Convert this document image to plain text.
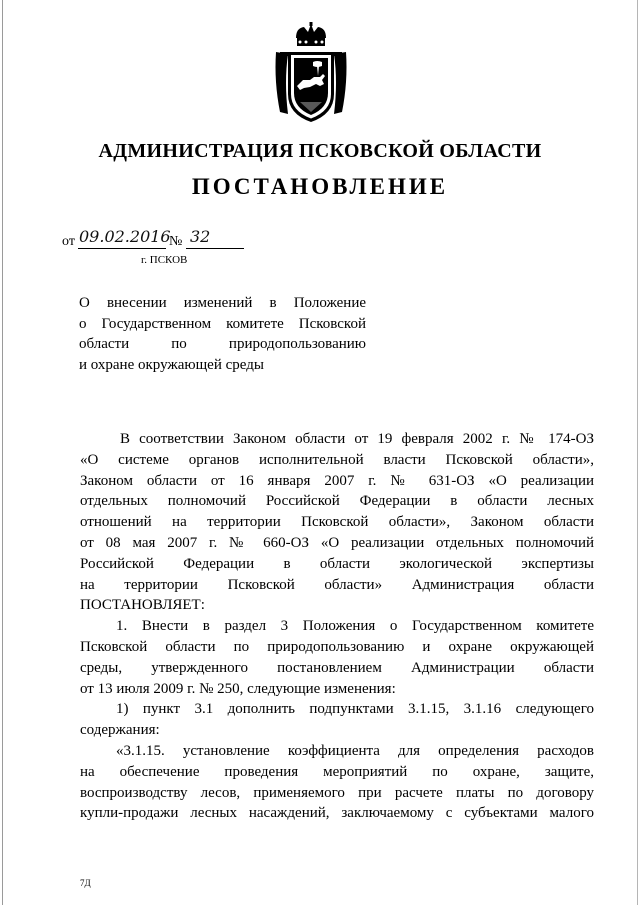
АДМИНИСТРАЦИЯ ПСКОВСКОЙ ОБЛАСТИ
ПОСТАНОВЛЕНИЕ
от 09.02.2016
№ 32
г. ПСКОВ
О внесении изменений в Положение
о Государственном комитете Псковской
области по природопользованию
и охране окружающей среды
В соответствии Законом области от 19 февраля 2002 г. № 174-ОЗ
«О системе органов исполнительной власти Псковской области»,
Законом области от 16 января 2007 г. № 631-ОЗ «О реализации
отдельных полномочий Российской Федерации в области лесных
отношений на территории Псковской области», Законом области
от 08 мая 2007 г. № 660-ОЗ «О реализации отдельных полномочий
Российской Федерации в области экологической экспертизы
на территории Псковской области» Администрация области
ПОСТАНОВЛЯЕТ:
1. Внести в раздел 3 Положения о Государственном комитете
Псковской области по природопользованию и охране окружающей
среды, утвержденного постановлением Администрации области
от 13 июля 2009 г. № 250, следующие изменения:
1) пункт 3.1 дополнить подпунктами 3.1.15, 3.1.16 следующего
содержания:
«3.1.15. установление коэффициента для определения расходов
на обеспечение проведения мероприятий по охране, защите,
воспроизводству лесов, применяемого при расчете платы по договору
купли-продажи лесных насаждений, заключаемому с субъектами малого
7Д
